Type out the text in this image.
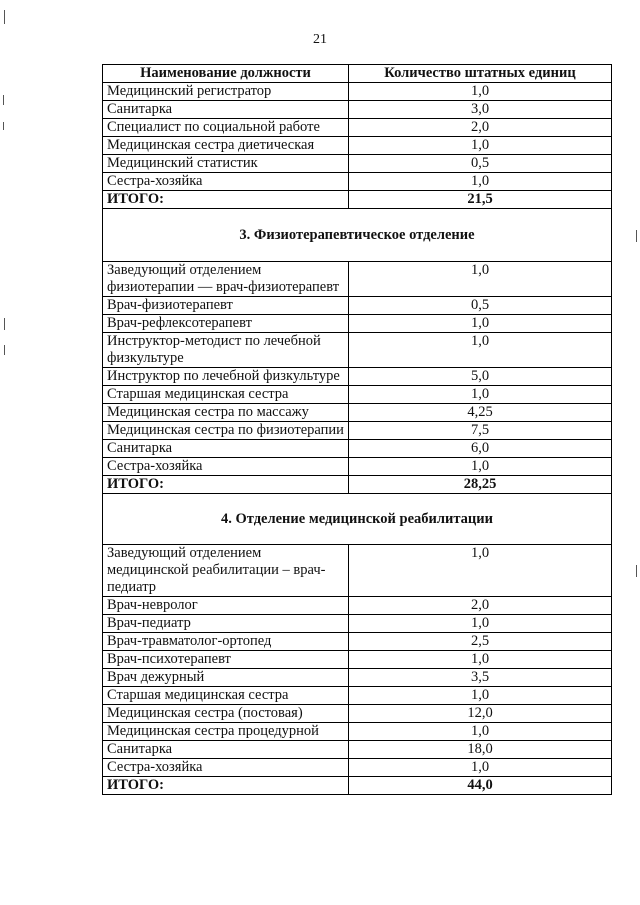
21
Наименование должности	Количество штатных единиц
Медицинский регистратор	1,0
Санитарка	3,0
Специалист по социальной работе	2,0
Медицинская сестра диетическая	1,0
Медицинский статистик	0,5
Сестра-хозяйка	1,0
ИТОГО:	21,5
3. Физиотерапевтическое отделение	
Заведующий отделением физиотерапии — врач-физиотерапевт	1,0
Врач-физиотерапевт	0,5
Врач-рефлексотерапевт	1,0
Инструктор-методист по лечебной физкультуре	1,0
Инструктор по лечебной физкультуре	5,0
Старшая медицинская сестра	1,0
Медицинская сестра по массажу	4,25
Медицинская сестра по физиотерапии	7,5
Санитарка	6,0
Сестра-хозяйка	1,0
ИТОГО:	28,25
4. Отделение медицинской реабилитации	
Заведующий отделением медицинской реабилитации – врач-педиатр	1,0
Врач-невролог	2,0
Врач-педиатр	1,0
Врач-травматолог-ортопед	2,5
Врач-психотерапевт	1,0
Врач дежурный	3,5
Старшая медицинская сестра	1,0
Медицинская сестра (постовая)	12,0
Медицинская сестра процедурной	1,0
Санитарка	18,0
Сестра-хозяйка	1,0
ИТОГО:	44,0
